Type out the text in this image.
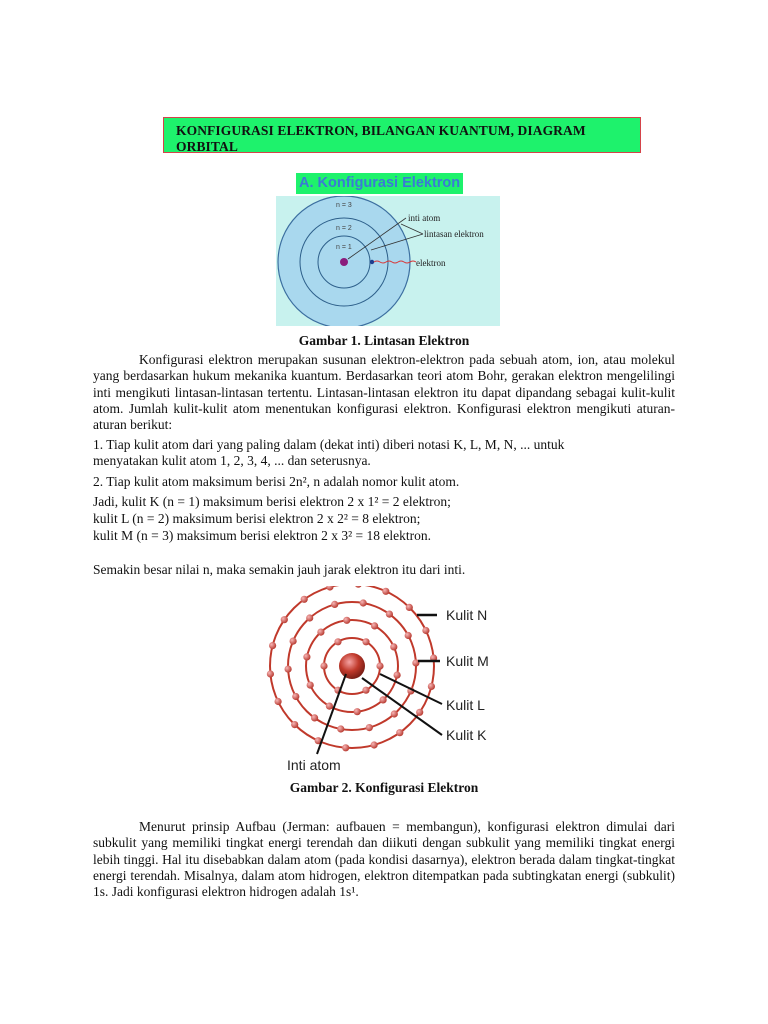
KONFIGURASI ELEKTRON, BILANGAN KUANTUM, DIAGRAM ORBITAL
A. Konfigurasi Elektron
n = 3
n = 2
n = 1
inti atom
lintasan elektron
elektron
Gambar 1. Lintasan Elektron
Konfigurasi elektron merupakan susunan elektron-elektron pada sebuah atom, ion, atau molekul yang berdasarkan hukum mekanika kuantum. Berdasarkan teori atom Bohr, gerakan elektron mengelilingi inti mengikuti lintasan-lintasan tertentu. Lintasan-lintasan elektron itu dapat dipandang sebagai kulit-kulit atom. Jumlah kulit-kulit atom menentukan konfigurasi elektron. Konfigurasi elektron mengikuti aturan-aturan berikut:
1. Tiap kulit atom dari yang paling dalam (dekat inti) diberi notasi K, L, M, N, ... untuk
menyatakan kulit atom 1, 2, 3, 4, ... dan seterusnya.
2. Tiap kulit atom maksimum berisi 2n², n adalah nomor kulit atom.
Jadi, kulit K (n = 1) maksimum berisi elektron 2 x 1² = 2 elektron;
kulit L (n = 2) maksimum berisi elektron 2 x 2² = 8 elektron;
kulit M (n = 3) maksimum berisi elektron 2 x 3² = 18 elektron.
Semakin besar nilai n, maka semakin jauh jarak elektron itu dari inti.
Kulit N
Kulit M
Kulit L
Kulit K
Inti atom
Gambar 2. Konfigurasi Elektron
Menurut prinsip Aufbau (Jerman: aufbauen = membangun), konfigurasi elektron dimulai dari subkulit yang memiliki tingkat energi terendah dan diikuti dengan subkulit yang memiliki tingkat energi lebih tinggi. Hal itu disebabkan dalam atom (pada kondisi dasarnya), elektron berada dalam tingkat-tingkat energi terendah. Misalnya, dalam atom hidrogen, elektron ditempatkan pada subtingkatan energi (subkulit) 1s. Jadi konfigurasi elektron hidrogen adalah 1s¹.
